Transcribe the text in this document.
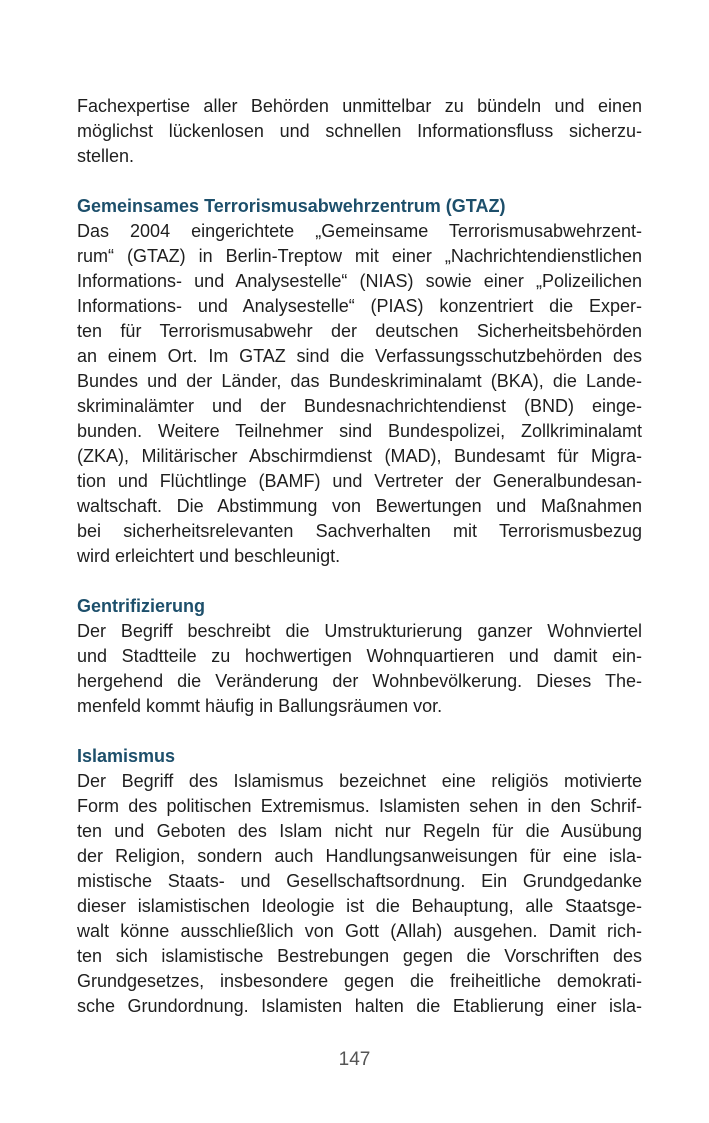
Fachexpertise aller Behörden unmittelbar zu bündeln und einen
möglichst lückenlosen und schnellen Informationsfluss sicherzu-
stellen.
Gemeinsames Terrorismusabwehrzentrum (GTAZ)
Das 2004 eingerichtete „Gemeinsame Terrorismusabwehrzent-
rum“ (GTAZ) in Berlin-Treptow mit einer „Nachrichtendienstlichen
Informations- und Analysestelle“ (NIAS) sowie einer „Polizeilichen
Informations- und Analysestelle“ (PIAS) konzentriert die Exper-
ten für Terrorismusabwehr der deutschen Sicherheitsbehörden
an einem Ort. Im GTAZ sind die Verfassungsschutzbehörden des
Bundes und der Länder, das Bundeskriminalamt (BKA), die Lande-
skriminalämter und der Bundesnachrichtendienst (BND) einge-
bunden. Weitere Teilnehmer sind Bundespolizei, Zollkriminalamt
(ZKA), Militärischer Abschirmdienst (MAD), Bundesamt für Migra-
tion und Flüchtlinge (BAMF) und Vertreter der Generalbundesan-
waltschaft. Die Abstimmung von Bewertungen und Maßnahmen
bei sicherheitsrelevanten Sachverhalten mit Terrorismusbezug
wird erleichtert und beschleunigt.
Gentrifizierung
Der Begriff beschreibt die Umstrukturierung ganzer Wohnviertel
und Stadtteile zu hochwertigen Wohnquartieren und damit ein-
hergehend die Veränderung der Wohnbevölkerung. Dieses The-
menfeld kommt häufig in Ballungsräumen vor.
Islamismus
Der Begriff des Islamismus bezeichnet eine religiös motivierte
Form des politischen Extremismus. Islamisten sehen in den Schrif-
ten und Geboten des Islam nicht nur Regeln für die Ausübung
der Religion, sondern auch Handlungsanweisungen für eine isla-
mistische Staats- und Gesellschaftsordnung. Ein Grundgedanke
dieser islamistischen Ideologie ist die Behauptung, alle Staatsge-
walt könne ausschließlich von Gott (Allah) ausgehen. Damit rich-
ten sich islamistische Bestrebungen gegen die Vorschriften des
Grundgesetzes, insbesondere gegen die freiheitliche demokrati-
sche Grundordnung. Islamisten halten die Etablierung einer isla-
147
